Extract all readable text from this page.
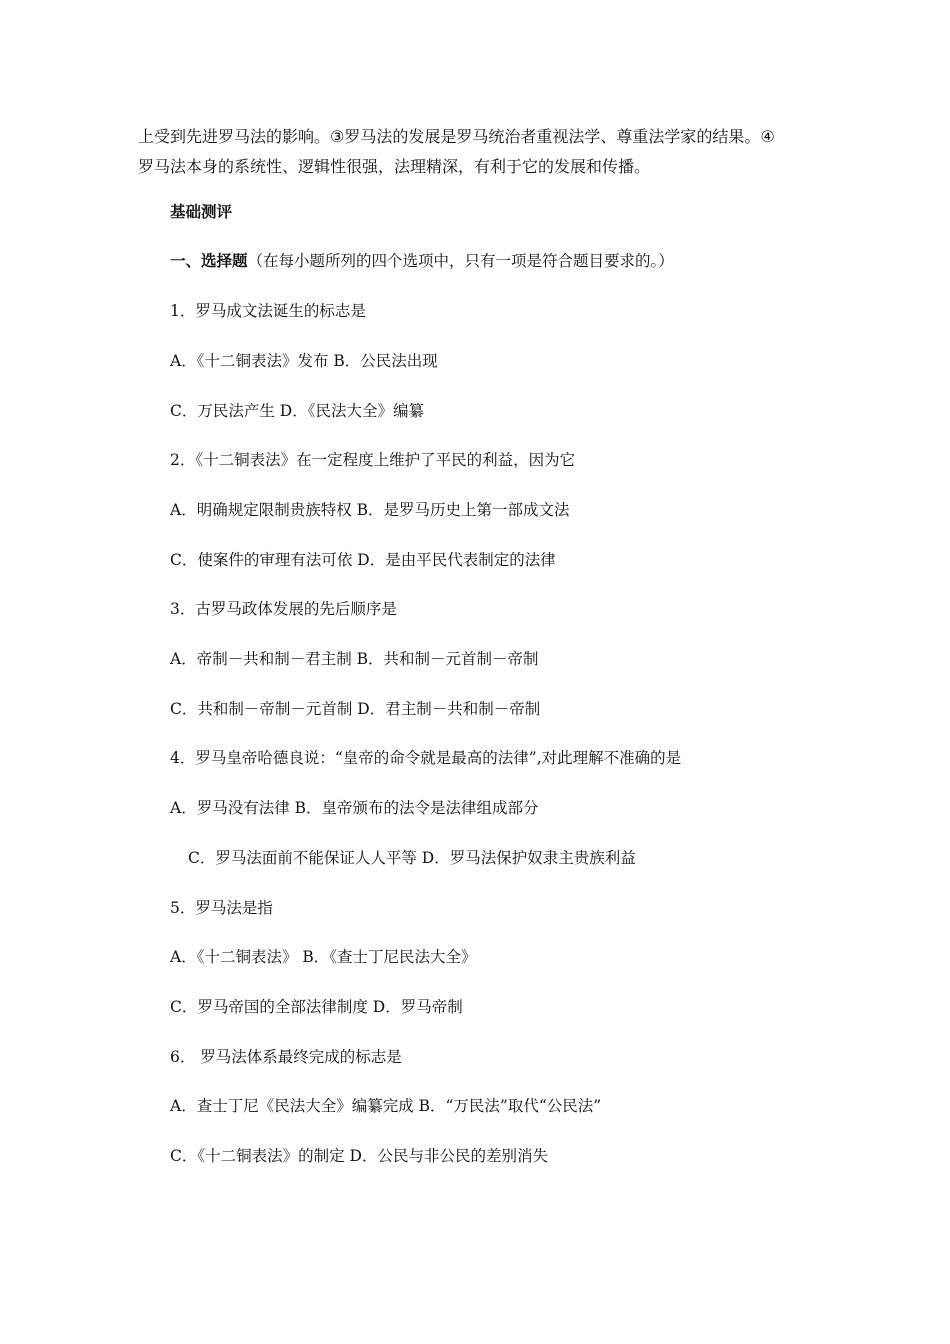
上受到先进罗马法的影响。③罗马法的发展是罗马统治者重视法学、尊重法学家的结果。④
罗马法本身的系统性、逻辑性很强，法理精深，有利于它的发展和传播。

基础测评

一、选择题（在每小题所列的四个选项中，只有一项是符合题目要求的。）

1．罗马成文法诞生的标志是

A．《十二铜表法》发布 B．公民法出现

C．万民法产生 D．《民法大全》编纂

2．《十二铜表法》在一定程度上维护了平民的利益，因为它

A．明确规定限制贵族特权 B．是罗马历史上第一部成文法

C．使案件的审理有法可依 D．是由平民代表制定的法律

3．古罗马政体发展的先后顺序是

A．帝制－共和制－君主制 B．共和制－元首制－帝制

C．共和制－帝制－元首制 D．君主制－共和制－帝制

4．罗马皇帝哈德良说：“皇帝的命令就是最高的法律”,对此理解不准确的是

A．罗马没有法律 B．皇帝颁布的法令是法律组成部分

C．罗马法面前不能保证人人平等 D．罗马法保护奴隶主贵族利益

5．罗马法是指

A．《十二铜表法》 B．《查士丁尼民法大全》

C．罗马帝国的全部法律制度 D．罗马帝制

6． 罗马法体系最终完成的标志是

A．查士丁尼《民法大全》编纂完成 B．“万民法”取代“公民法”

C．《十二铜表法》的制定 D．公民与非公民的差别消失
